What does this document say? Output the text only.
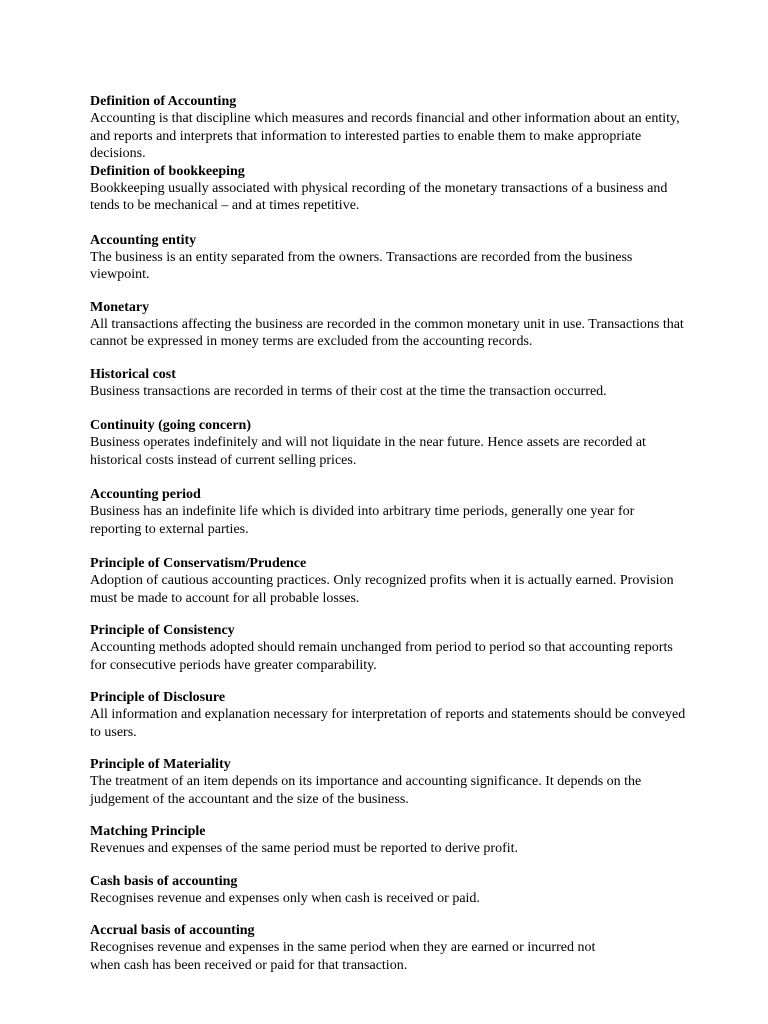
Definition of Accounting
Accounting is that discipline which measures and records financial and other information about an entity, and reports and interprets that information to interested parties to enable them to make appropriate decisions.
Definition of bookkeeping
Bookkeeping usually associated with physical recording of the monetary transactions of a business and tends to be mechanical – and at times repetitive.
Accounting entity
The business is an entity separated from the owners. Transactions are recorded from the business viewpoint.
Monetary
All transactions affecting the business are recorded in the common monetary unit in use. Transactions that cannot be expressed in money terms are excluded from the accounting records.
Historical cost
Business transactions are recorded in terms of their cost at the time the transaction occurred.
Continuity (going concern)
Business operates indefinitely and will not liquidate in the near future. Hence assets are recorded at historical costs instead of current selling prices.
Accounting period
Business has an indefinite life which is divided into arbitrary time periods, generally one year for reporting to external parties.
Principle of Conservatism/Prudence
Adoption of cautious accounting practices. Only recognized profits when it is actually earned. Provision must be made to account for all probable losses.
Principle of Consistency
Accounting methods adopted should remain unchanged from period to period so that accounting reports for consecutive periods have greater comparability.
Principle of Disclosure
All information and explanation necessary for interpretation of reports and statements should be conveyed to users.
Principle of Materiality
The treatment of an item depends on its importance and accounting significance. It depends on the judgement of the accountant and the size of the business.
Matching Principle
Revenues and expenses of the same period must be reported to derive profit.
Cash basis of accounting
Recognises revenue and expenses only when cash is received or paid.
Accrual basis of accounting
Recognises revenue and expenses in the same period when they are earned or incurred not
when cash has been received or paid for that transaction.
